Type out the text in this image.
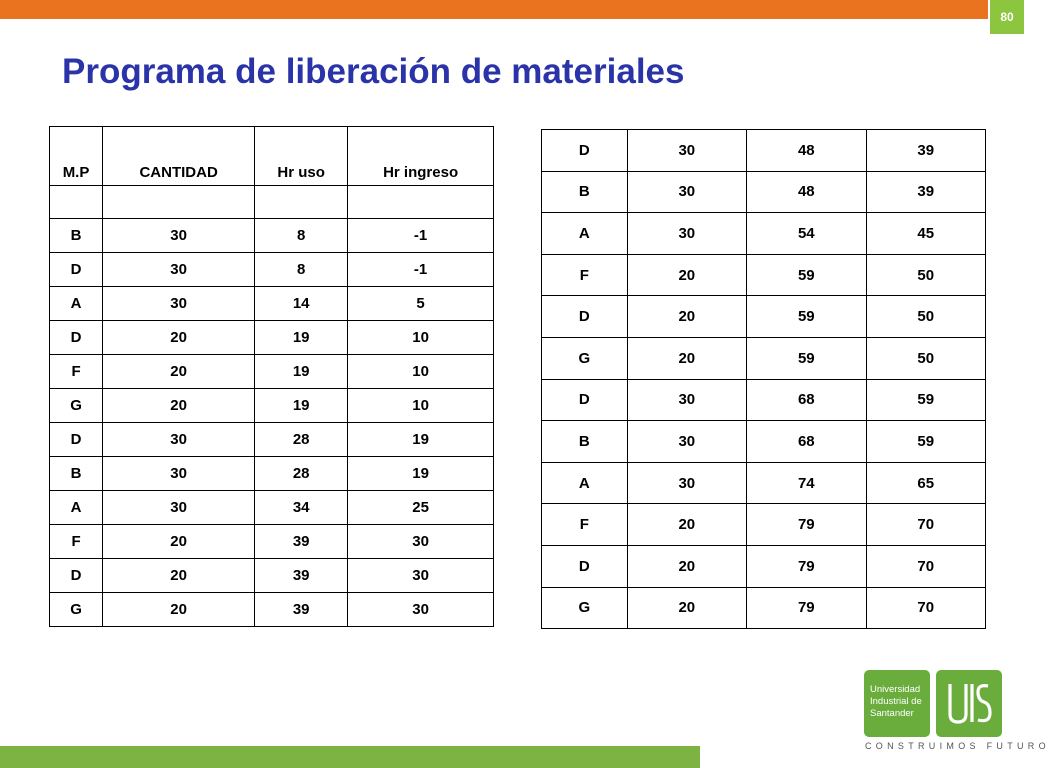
80
Programa de liberación de materiales
M.P	CANTIDAD	Hr uso	Hr ingreso

B	30	8	-1
D	30	8	-1
A	30	14	5
D	20	19	10
F	20	19	10
G	20	19	10
D	30	28	19
B	30	28	19
A	30	34	25
F	20	39	30
D	20	39	30
G	20	39	30
D	30	48	39
B	30	48	39
A	30	54	45
F	20	59	50
D	20	59	50
G	20	59	50
D	30	68	59
B	30	68	59
A	30	74	65
F	20	79	70
D	20	79	70
G	20	79	70
Universidad
Industrial de
Santander
CONSTRUIMOS FUTURO
